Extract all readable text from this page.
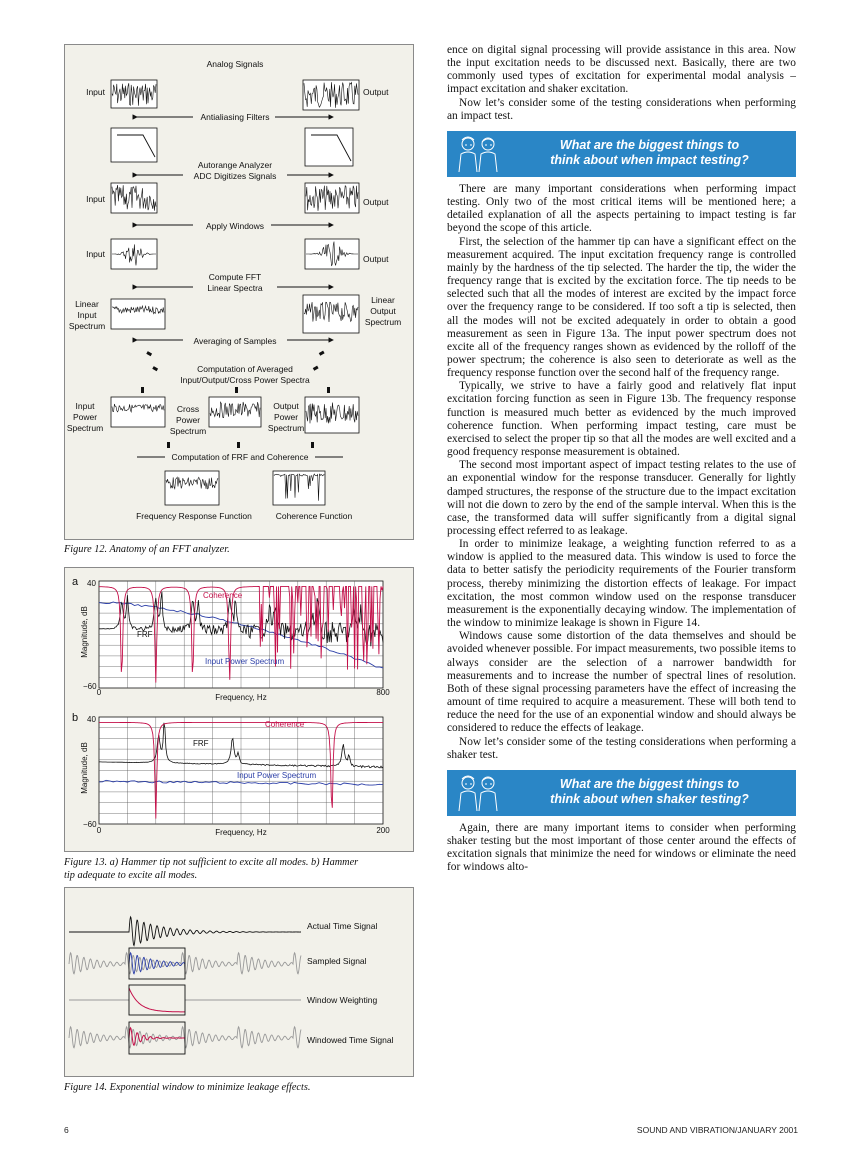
Analog Signals
Input	Output
Antialiasing Filters
Autorange Analyzer
ADC Digitizes Signals
Input	Output
Apply Windows
Input	Output
Compute FFT
Linear Spectra
Linear
Input
Spectrum
Linear
Output
Spectrum
Averaging of Samples
Computation of Averaged
Input/Output/Cross Power Spectra
Input
Power
Spectrum
Cross
Power
Spectrum
Output
Power
Spectrum
Computation of FRF and Coherence
Frequency Response Function	Coherence Function
Figure 12. Anatomy of an FFT analyzer.
a 40
−60
0	800
Frequency, Hz
Magnitude, dB
b 40
−60
0	200
Frequency, Hz
Magnitude, dB
Coherence
FRF
Input Power Spectrum
Coherence
FRF
Input Power Spectrum
Figure 13. a) Hammer tip not sufficient to excite all modes. b) Hammer
tip adequate to excite all modes.
Actual Time Signal
Sampled Signal
Window Weighting
Windowed Time Signal
Figure 14. Exponential window to minimize leakage effects.

ence on digital signal processing will provide assistance in this area. Now the input excitation needs to be discussed next. Basically, there are two commonly used types of excitation for experimental modal analysis – impact excitation and shaker excitation.

Now let’s consider some of the testing considerations when performing an impact test.

What are the biggest things to
think about when impact testing?

There are many important considerations when performing impact testing. Only two of the most critical items will be mentioned here; a detailed explanation of all the aspects pertaining to impact testing is far beyond the scope of this article.

First, the selection of the hammer tip can have a significant effect on the measurement acquired. The input excitation frequency range is controlled mainly by the hardness of the tip selected. The harder the tip, the wider the frequency range that is excited by the excitation force. The tip needs to be selected such that all the modes of interest are excited by the impact force over the frequency range to be considered. If too soft a tip is selected, then all the modes will not be excited adequately in order to obtain a good measurement as seen in Figure 13a. The input power spectrum does not excite all of the frequency ranges shown as evidenced by the rolloff of the power spectrum; the coherence is also seen to deteriorate as well as the frequency response function over the second half of the frequency range.

Typically, we strive to have a fairly good and relatively flat input excitation forcing function as seen in Figure 13b. The frequency response function is measured much better as evidenced by the much improved coherence function. When performing impact testing, care must be exercised to select the proper tip so that all the modes are well excited and a good frequency response measurement is obtained.

The second most important aspect of impact testing relates to the use of an exponential window for the response transducer. Generally for lightly damped structures, the response of the structure due to the impact excitation will not die down to zero by the end of the sample interval. When this is the case, the transformed data will suffer significantly from a digital signal processing effect referred to as leakage.

In order to minimize leakage, a weighting function referred to as a window is applied to the measured data. This window is used to force the data to better satisfy the periodicity requirements of the Fourier transform process, thereby minimizing the distortion effects of leakage. For impact excitation, the most common window used on the response transducer measurement is the exponentially decaying window. The implementation of the window to minimize leakage is shown in Figure 14.

Windows cause some distortion of the data themselves and should be avoided whenever possible. For impact measurements, two possible items to always consider are the selection of a narrower bandwidth for measurements and to increase the number of spectral lines of resolution. Both of these signal processing parameters have the effect of increasing the amount of time required to acquire a measurement. These will both tend to reduce the need for the use of an exponential window and should always be considered to reduce the effects of leakage.

Now let’s consider some of the testing considerations when performing a shaker test.

What are the biggest things to
think about when shaker testing?

Again, there are many important items to consider when performing shaker testing but the most important of those center around the effects of excitation signals that minimize the need for windows or eliminate the need for windows alto-

6	SOUND AND VIBRATION/JANUARY 2001
